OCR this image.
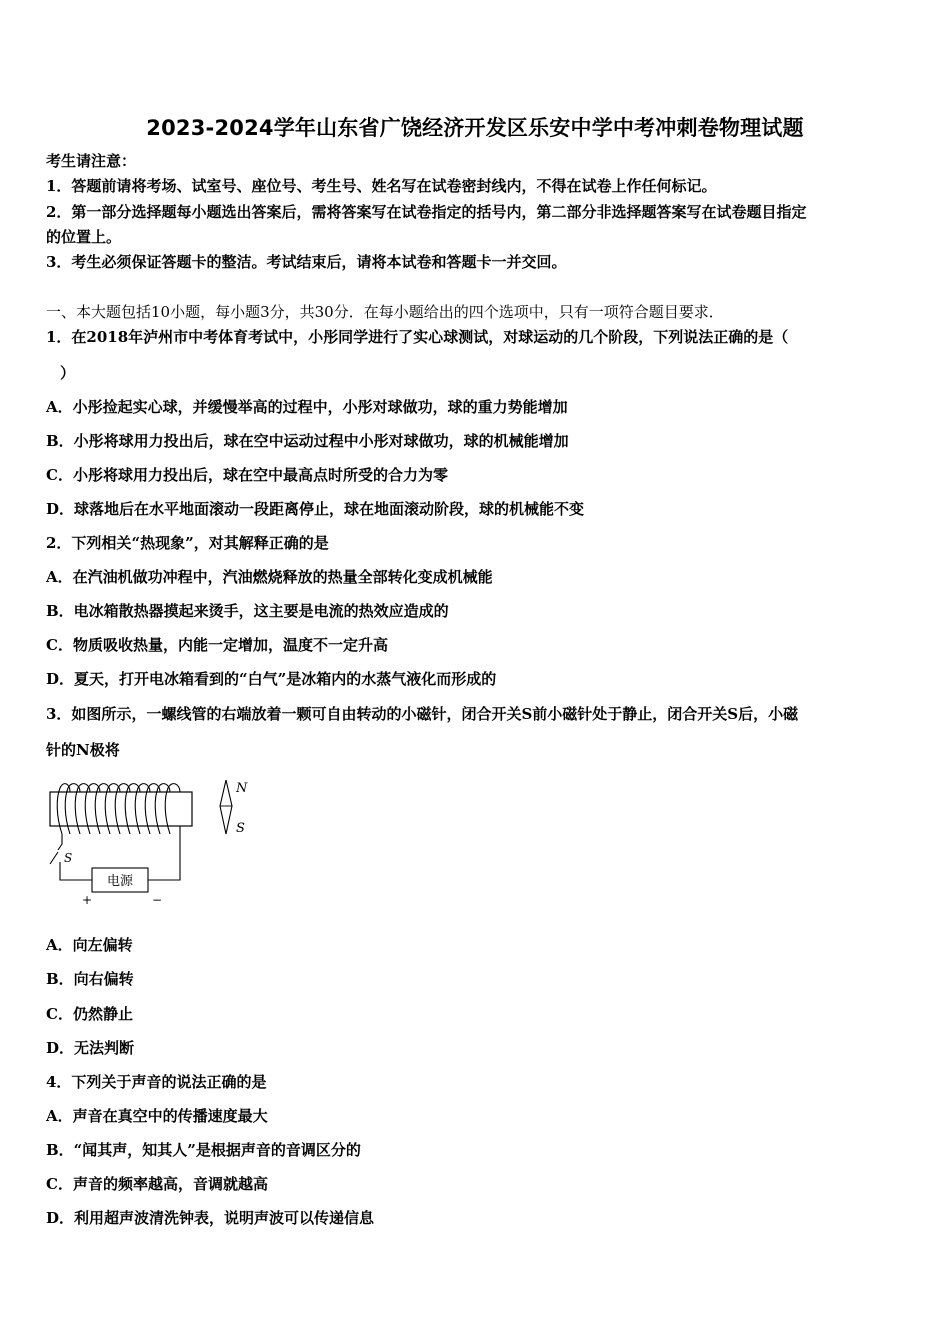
2023-2024学年山东省广饶经济开发区乐安中学中考冲刺卷物理试题
考生请注意：
1．答题前请将考场、试室号、座位号、考生号、姓名写在试卷密封线内，不得在试卷上作任何标记。
2．第一部分选择题每小题选出答案后，需将答案写在试卷指定的括号内，第二部分非选择题答案写在试卷题目指定
的位置上。
3．考生必须保证答题卡的整洁。考试结束后，请将本试卷和答题卡一并交回。
一、本大题包括10小题，每小题3分，共30分．在每小题给出的四个选项中，只有一项符合题目要求．
1．在2018年泸州市中考体育考试中，小彤同学进行了实心球测试，对球运动的几个阶段，下列说法正确的是（
）
A．小彤捡起实心球，并缓慢举高的过程中，小彤对球做功，球的重力势能增加
B．小彤将球用力投出后，球在空中运动过程中小彤对球做功，球的机械能增加
C．小彤将球用力投出后，球在空中最高点时所受的合力为零
D．球落地后在水平地面滚动一段距离停止，球在地面滚动阶段，球的机械能不变
2．下列相关“热现象”，对其解释正确的是
A．在汽油机做功冲程中，汽油燃烧释放的热量全部转化变成机械能
B．电冰箱散热器摸起来烫手，这主要是电流的热效应造成的
C．物质吸收热量，内能一定增加，温度不一定升高
D．夏天，打开电冰箱看到的“白气”是冰箱内的水蒸气液化而形成的
3．如图所示，一螺线管的右端放着一颗可自由转动的小磁针，闭合开关S前小磁针处于静止，闭合开关S后，小磁
针的N极将
电源
S
+	−
N
S
A．向左偏转
B．向右偏转
C．仍然静止
D．无法判断
4．下列关于声音的说法正确的是
A．声音在真空中的传播速度最大
B．“闻其声，知其人”是根据声音的音调区分的
C．声音的频率越高，音调就越高
D．利用超声波清洗钟表，说明声波可以传递信息
